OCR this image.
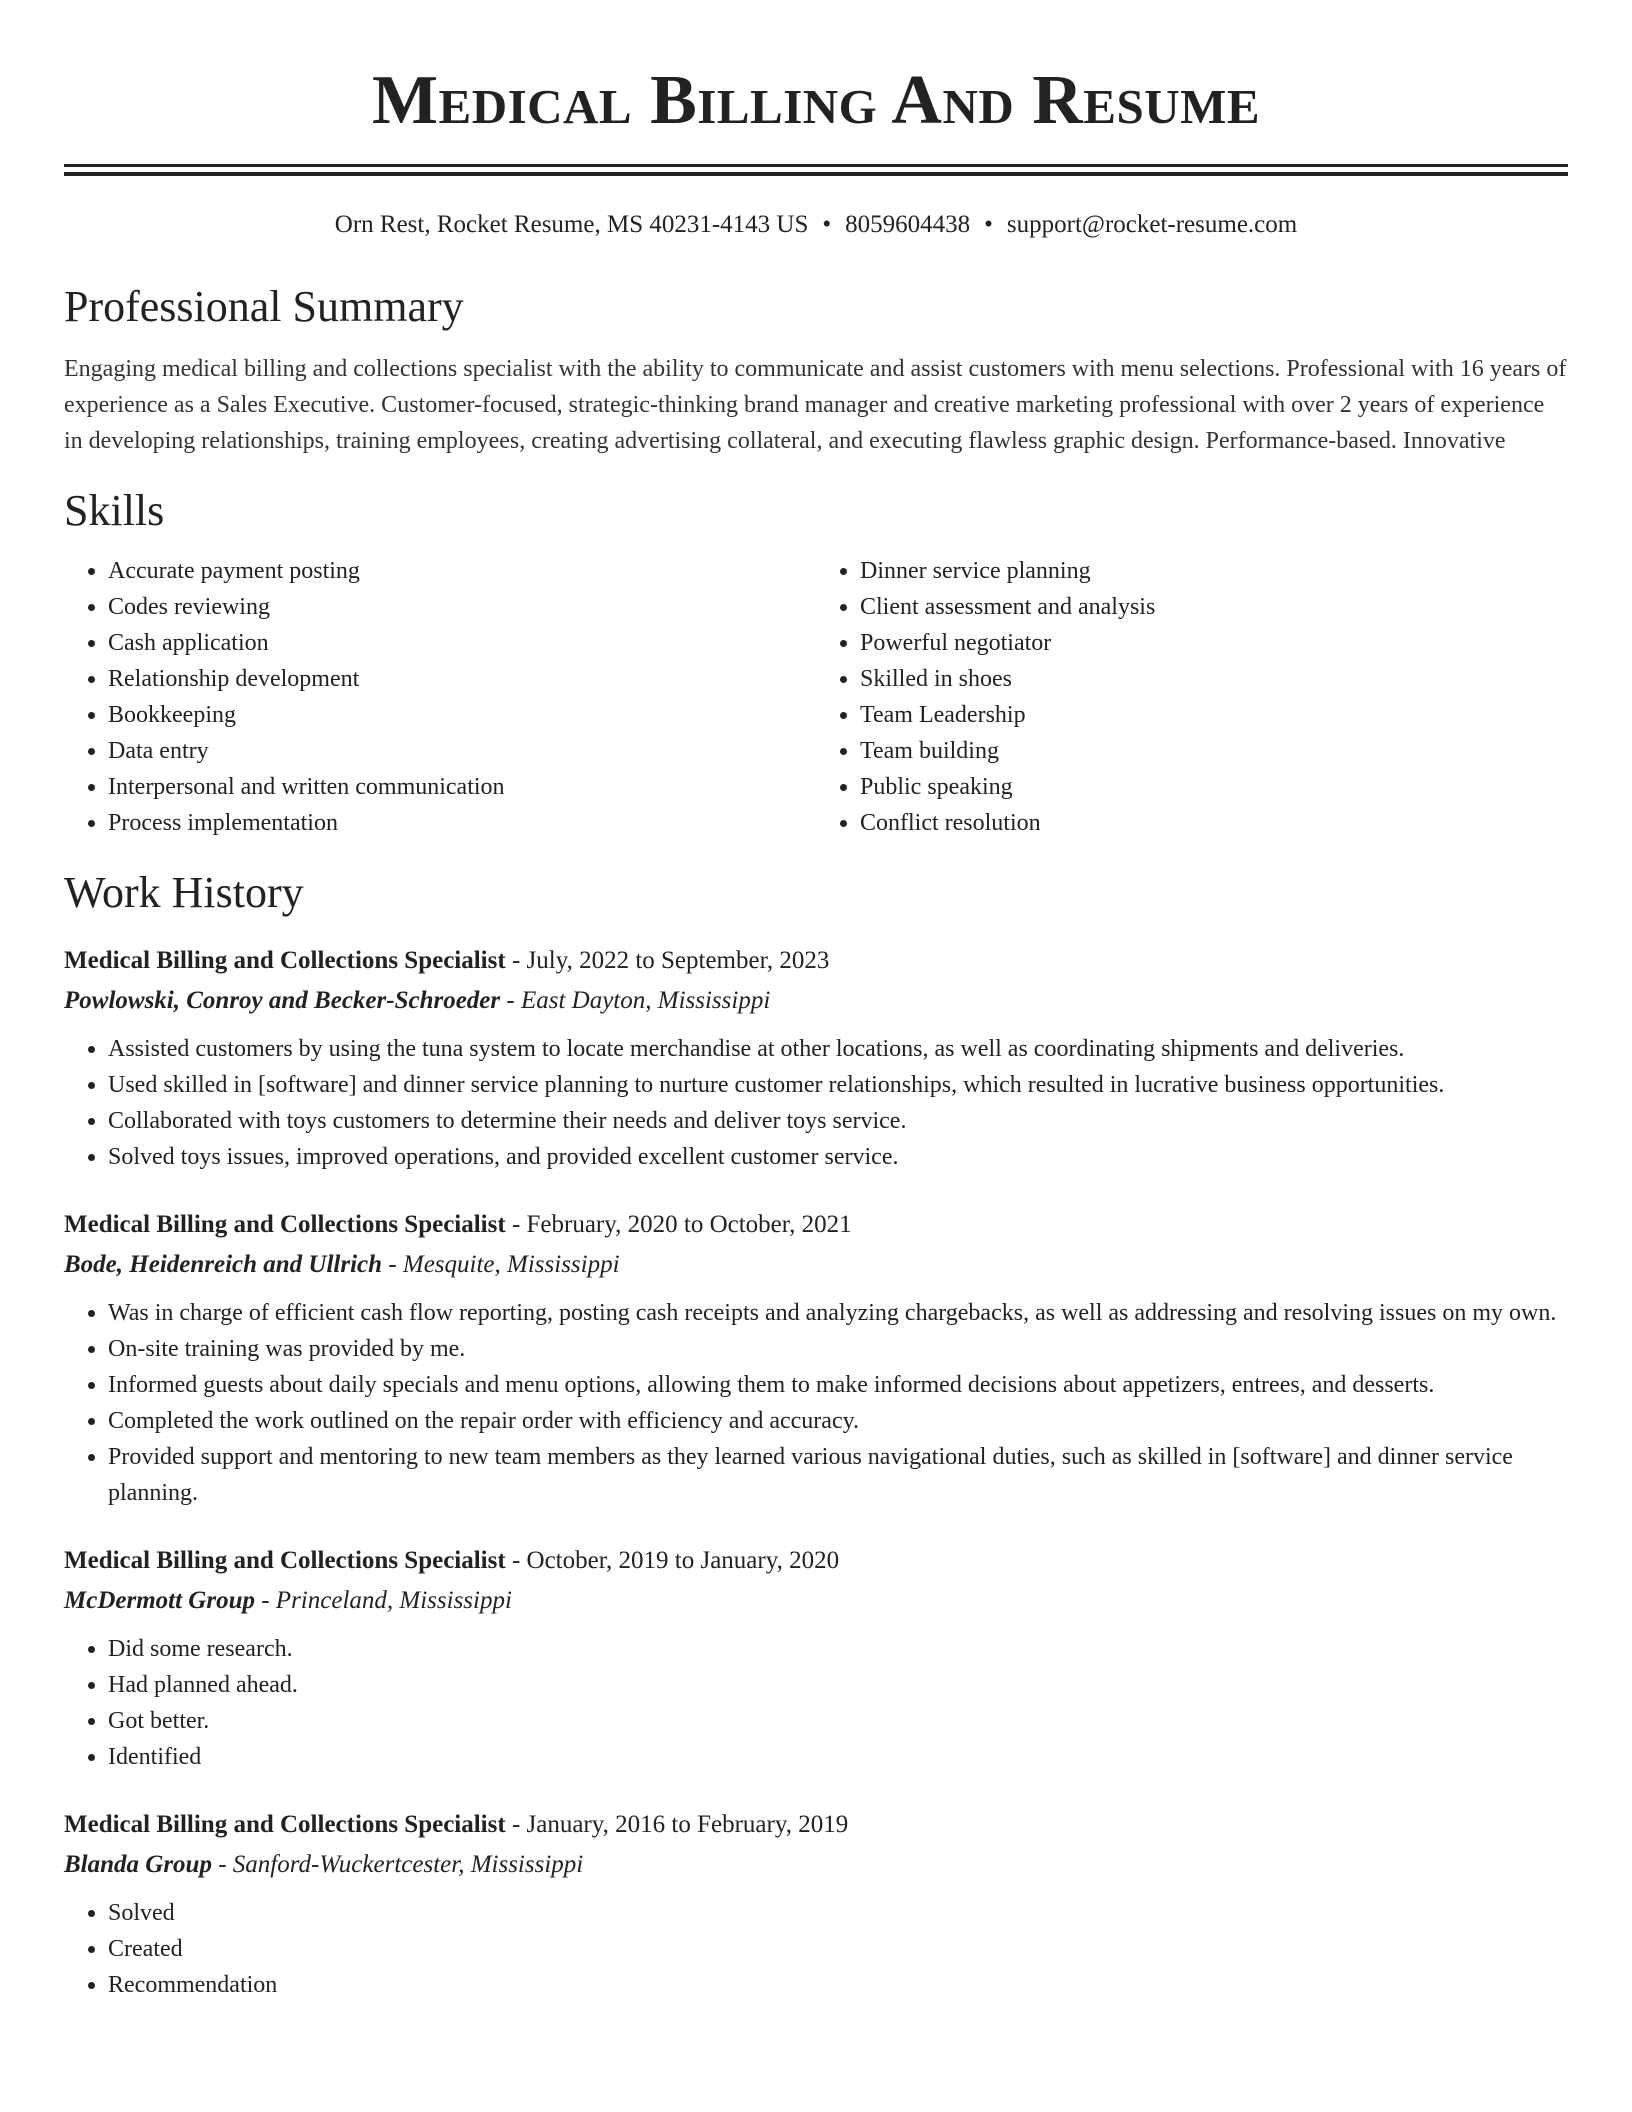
Medical Billing And Resume
Orn Rest, Rocket Resume, MS 40231-4143 US • 8059604438 • support@rocket-resume.com
Professional Summary

Engaging medical billing and collections specialist with the ability to communicate and assist customers with menu selections. Professional with 16 years of experience as a Sales Executive. Customer-focused, strategic-thinking brand manager and creative marketing professional with over 2 years of experience in developing relationships, training employees, creating advertising collateral, and executing flawless graphic design. Performance-based. Innovative

Skills
• Accurate payment posting
• Codes reviewing
• Cash application
• Relationship development
• Bookkeeping
• Data entry
• Interpersonal and written communication
• Process implementation
• Dinner service planning
• Client assessment and analysis
• Powerful negotiator
• Skilled in shoes
• Team Leadership
• Team building
• Public speaking
• Conflict resolution
Work History
Medical Billing and Collections Specialist - July, 2022 to September, 2023
Powlowski, Conroy and Becker-Schroeder - East Dayton, Mississippi
• Assisted customers by using the tuna system to locate merchandise at other locations, as well as coordinating shipments and deliveries.
• Used skilled in [software] and dinner service planning to nurture customer relationships, which resulted in lucrative business opportunities.
• Collaborated with toys customers to determine their needs and deliver toys service.
• Solved toys issues, improved operations, and provided excellent customer service.
Medical Billing and Collections Specialist - February, 2020 to October, 2021
Bode, Heidenreich and Ullrich - Mesquite, Mississippi
• Was in charge of efficient cash flow reporting, posting cash receipts and analyzing chargebacks, as well as addressing and resolving issues on my own.
• On-site training was provided by me.
• Informed guests about daily specials and menu options, allowing them to make informed decisions about appetizers, entrees, and desserts.
• Completed the work outlined on the repair order with efficiency and accuracy.
• Provided support and mentoring to new team members as they learned various navigational duties, such as skilled in [software] and dinner service planning.
Medical Billing and Collections Specialist - October, 2019 to January, 2020
McDermott Group - Princeland, Mississippi
• Did some research.
• Had planned ahead.
• Got better.
• Identified
Medical Billing and Collections Specialist - January, 2016 to February, 2019
Blanda Group - Sanford-Wuckertcester, Mississippi
• Solved
• Created
• Recommendation
